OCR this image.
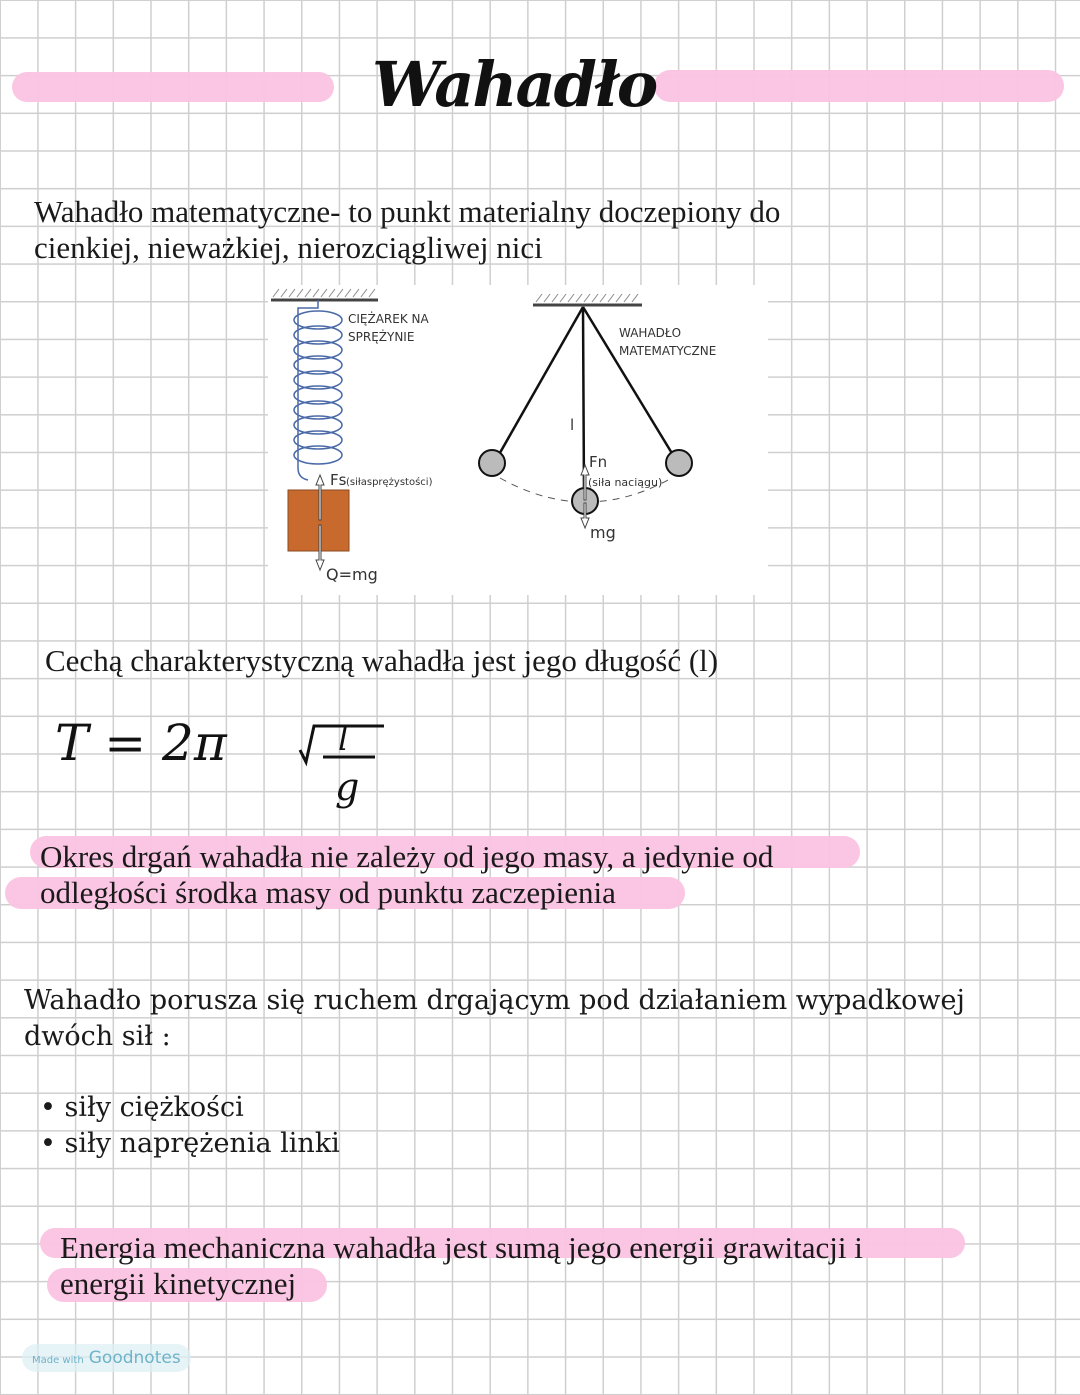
Wahadło
Wahadło matematyczne- to punkt materialny doczepiony do
cienkiej, nieważkiej, nierozciągliwej nici
CIĘŻAREK NA
SPRĘŻYNIE
Fs (siłasprężystości)
Q=mg
WAHADŁO
MATEMATYCZNE
l
Fn
(siła naciągu)
mg
Cechą charakterystyczną wahadła jest jego długość (l)
T = 2π	l
g
Okres drgań wahadła nie zależy od jego masy, a jedynie od
odległości środka masy od punktu zaczepienia
Wahadło porusza się ruchem drgającym pod działaniem wypadkowej
dwóch sił :
• siły ciężkości
• siły naprężenia linki
Energia mechaniczna wahadła jest sumą jego energii grawitacji i
energii kinetycznej
Made with Goodnotes
